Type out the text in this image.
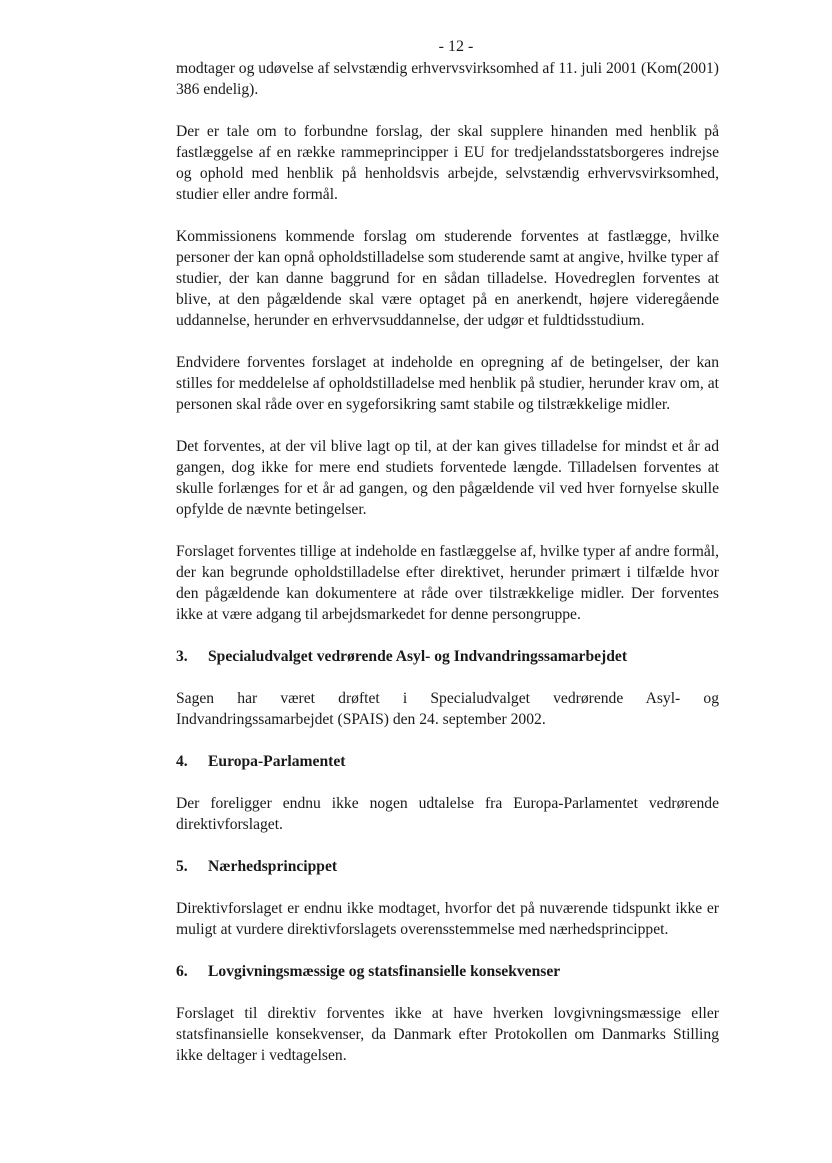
- 12 -

modtager og udøvelse af selvstændig erhvervsvirksomhed af 11. juli 2001 (Kom(2001) 386 endelig).

Der er tale om to forbundne forslag, der skal supplere hinanden med henblik på fastlæggelse af en række rammeprincipper i EU for tredjelandsstatsborgeres indrejse og ophold med henblik på henholdsvis arbejde, selvstændig erhvervsvirksomhed, studier eller andre formål.

Kommissionens kommende forslag om studerende forventes at fastlægge, hvilke personer der kan opnå opholdstilladelse som studerende samt at angive, hvilke typer af studier, der kan danne baggrund for en sådan tilladelse. Hovedreglen forventes at blive, at den pågældende skal være optaget på en anerkendt, højere videregående uddannelse, herunder en erhvervsuddannelse, der udgør et fuldtidsstudium.

Endvidere forventes forslaget at indeholde en opregning af de betingelser, der kan stilles for meddelelse af opholdstilladelse med henblik på studier, herunder krav om, at personen skal råde over en sygeforsikring samt stabile og tilstrækkelige midler.

Det forventes, at der vil blive lagt op til, at der kan gives tilladelse for mindst et år ad gangen, dog ikke for mere end studiets forventede længde. Tilladelsen forventes at skulle forlænges for et år ad gangen, og den pågældende vil ved hver fornyelse skulle opfylde de nævnte betingelser.

Forslaget forventes tillige at indeholde en fastlæggelse af, hvilke typer af andre formål, der kan begrunde opholdstilladelse efter direktivet, herunder primært i tilfælde hvor den pågældende kan dokumentere at råde over tilstrækkelige midler. Der forventes ikke at være adgang til arbejdsmarkedet for denne persongruppe.

3.	Specialudvalget vedrørende Asyl- og Indvandringssamarbejdet

Sagen har været drøftet i Specialudvalget vedrørende Asyl- og Indvandringssamarbejdet (SPAIS) den 24. september 2002.

4.	Europa-Parlamentet

Der foreligger endnu ikke nogen udtalelse fra Europa-Parlamentet vedrørende direktivforslaget.

5.	Nærhedsprincippet

Direktivforslaget er endnu ikke modtaget, hvorfor det på nuværende tidspunkt ikke er muligt at vurdere direktivforslagets overensstemmelse med nærhedsprincippet.

6.	Lovgivningsmæssige og statsfinansielle konsekvenser

Forslaget til direktiv forventes ikke at have hverken lovgivningsmæssige eller statsfinansielle konsekvenser, da Danmark efter Protokollen om Danmarks Stilling ikke deltager i vedtagelsen.
